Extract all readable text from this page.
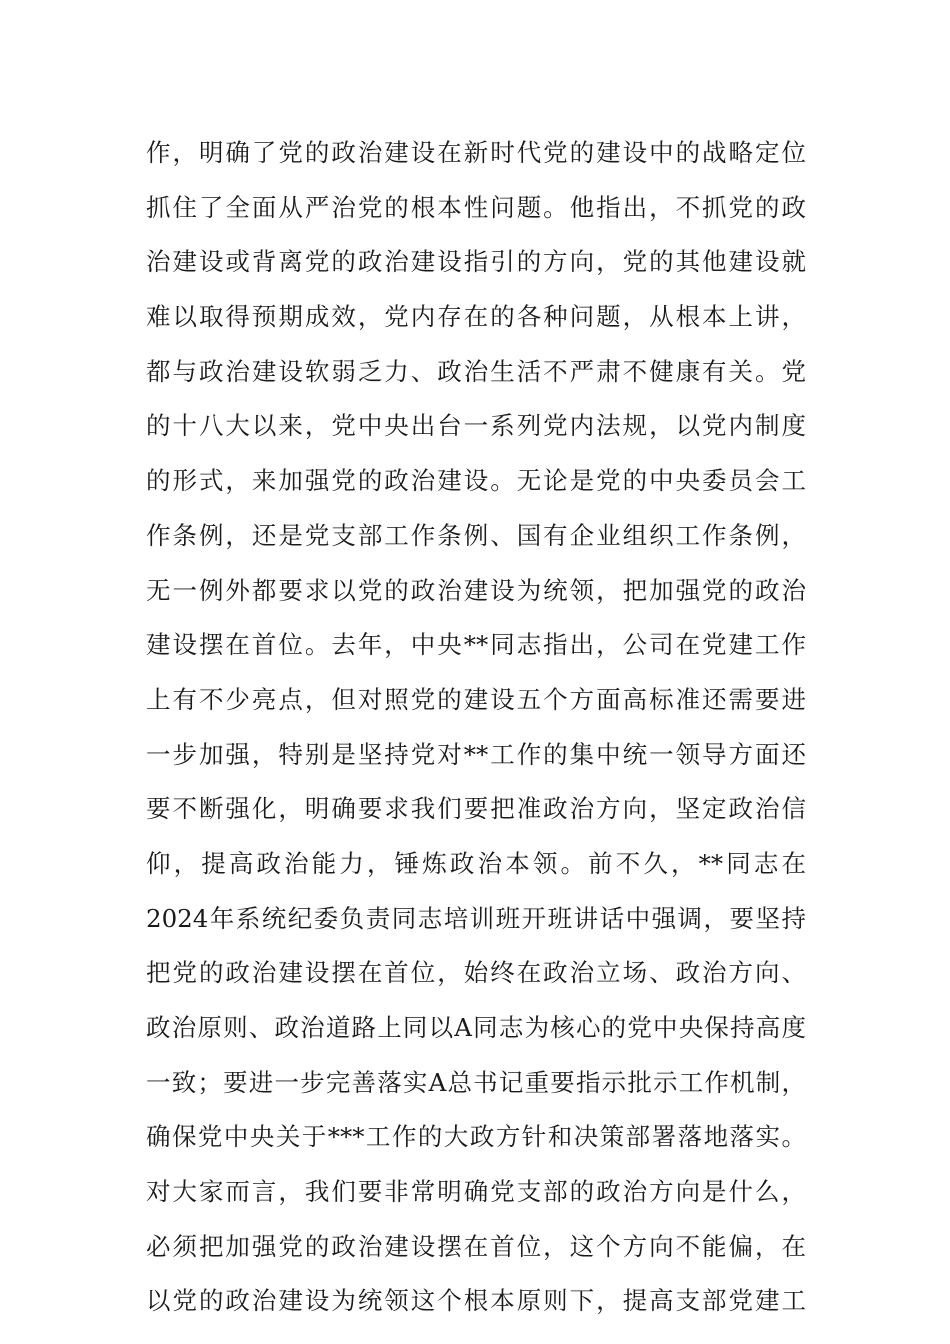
作，明确了党的政治建设在新时代党的建设中的战略定位
抓住了全面从严治党的根本性问题。他指出，不抓党的政
治建设或背离党的政治建设指引的方向，党的其他建设就
难以取得预期成效，党内存在的各种问题，从根本上讲，
都与政治建设软弱乏力、政治生活不严肃不健康有关。党
的十八大以来，党中央出台一系列党内法规，以党内制度
的形式，来加强党的政治建设。无论是党的中央委员会工
作条例，还是党支部工作条例、国有企业组织工作条例，
无一例外都要求以党的政治建设为统领，把加强党的政治
建设摆在首位。去年，中央**同志指出，公司在党建工作
上有不少亮点，但对照党的建设五个方面高标准还需要进
一步加强，特别是坚持党对**工作的集中统一领导方面还
要不断强化，明确要求我们要把准政治方向，坚定政治信
仰，提高政治能力，锤炼政治本领。前不久，**同志在
2024年系统纪委负责同志培训班开班讲话中强调，要坚持
把党的政治建设摆在首位，始终在政治立场、政治方向、
政治原则、政治道路上同以A同志为核心的党中央保持高度
一致；要进一步完善落实A总书记重要指示批示工作机制，
确保党中央关于***工作的大政方针和决策部署落地落实。
对大家而言，我们要非常明确党支部的政治方向是什么，
必须把加强党的政治建设摆在首位，这个方向不能偏，在
以党的政治建设为统领这个根本原则下，提高支部党建工
